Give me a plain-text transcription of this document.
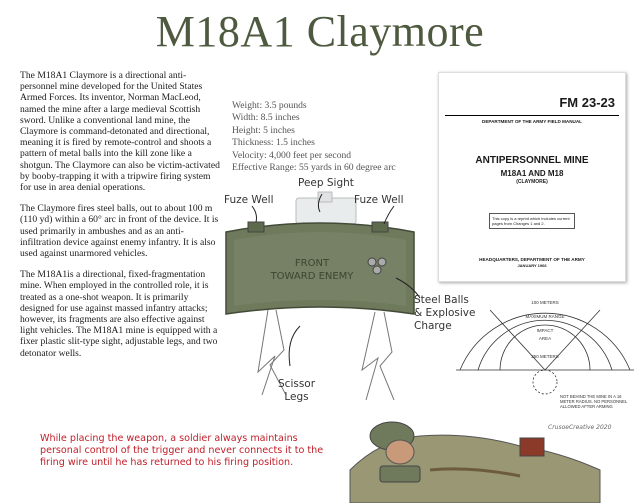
M18A1 Claymore

The M18A1 Claymore is a directional anti-personnel mine developed for the United States Armed Forces. Its inventor, Norman MacLeod, named the mine after a large medieval Scottish sword. Unlike a conventional land mine, the Claymore is command-detonated and directional, meaning it is fired by remote-control and shoots a pattern of metal balls into the kill zone like a shotgun. The Claymore can also be victim-activated by booby-trapping it with a tripwire firing system for use in area denial operations.

The Claymore fires steel balls, out to about 100 m (110 yd) within a 60° arc in front of the device. It is used primarily in ambushes and as an anti-infiltration device against enemy infantry. It is also used against unarmored vehicles.

The M18A1is a directional, fixed-fragmentation mine. When employed in the controlled role, it is treated as a one-shot weapon. It is primarily designed for use against massed infantry attacks; however, its fragments are also effective against light vehicles. The M18A1 mine is equipped with a fixer plastic slit-type sight, adjustable legs, and two detonator wells.

Weight: 3.5 pounds
Width: 8.5 inches
Height: 5 inches
Thickness: 1.5 inches
Velocity: 4,000 feet per second
Effective Range: 55 yards in 60 degree arc
FRONT
TOWARD ENEMY
100 METERS
MAXIMUM RANGE
IMPACT
AREA
250 METERS
Peep Sight
Fuze Well	Fuze Well
Steel Balls
& Explosive
Charge
Scissor
Legs
FM 23-23
DEPARTMENT OF THE ARMY FIELD MANUAL
ANTIPERSONNEL MINE
M18A1 AND M18
(CLAYMORE)
This copy is a reprint which includes current pages from Changes 1 and 2.
HEADQUARTERS, DEPARTMENT OF THE ARMY
JANUARY 1966
NOT BEHIND THE MINE IN A 16 METER RADIUS. NO PERSONNEL ALLOWED AFTER ARMING
CrusoeCreative 2020
While placing the weapon, a soldier always maintains personal control of the trigger and never connects it to the firing wire until he has returned to his firing position.
